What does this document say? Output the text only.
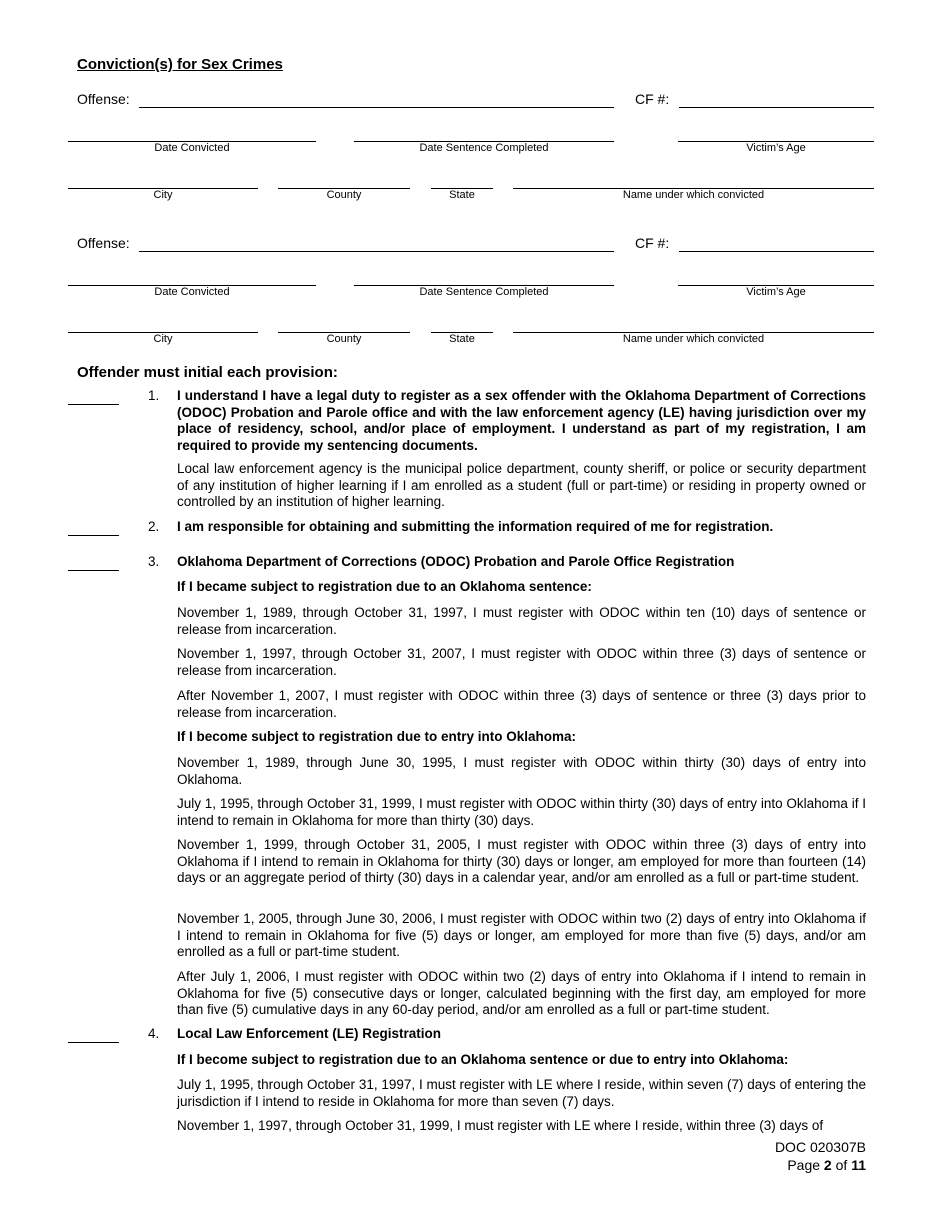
Conviction(s) for Sex Crimes
Offense:	CF #:
Date Convicted	Date Sentence Completed	Victim’s Age
City	County	State	Name under which convicted
Offense:	CF #:
Date Convicted	Date Sentence Completed	Victim’s Age
City	County	State	Name under which convicted
Offender must initial each provision:
1. I understand I have a legal duty to register as a sex offender with the Oklahoma Department of Corrections (ODOC) Probation and Parole office and with the law enforcement agency (LE) having jurisdiction over my place of residency, school, and/or place of employment. I understand as part of my registration, I am required to provide my sentencing documents.
Local law enforcement agency is the municipal police department, county sheriff, or police or security department of any institution of higher learning if I am enrolled as a student (full or part-time) or residing in property owned or controlled by an institution of higher learning.
2. I am responsible for obtaining and submitting the information required of me for registration.
3. Oklahoma Department of Corrections (ODOC) Probation and Parole Office Registration
If I became subject to registration due to an Oklahoma sentence:
November 1, 1989, through October 31, 1997, I must register with ODOC within ten (10) days of sentence or release from incarceration.
November 1, 1997, through October 31, 2007, I must register with ODOC within three (3) days of sentence or release from incarceration.
After November 1, 2007, I must register with ODOC within three (3) days of sentence or three (3) days prior to release from incarceration.
If I become subject to registration due to entry into Oklahoma:
November 1, 1989, through June 30, 1995, I must register with ODOC within thirty (30) days of entry into Oklahoma.
July 1, 1995, through October 31, 1999, I must register with ODOC within thirty (30) days of entry into Oklahoma if I intend to remain in Oklahoma for more than thirty (30) days.
November 1, 1999, through October 31, 2005, I must register with ODOC within three (3) days of entry into Oklahoma if I intend to remain in Oklahoma for thirty (30) days or longer, am employed for more than fourteen (14) days or an aggregate period of thirty (30) days in a calendar year, and/or am enrolled as a full or part-time student.
November 1, 2005, through June 30, 2006, I must register with ODOC within two (2) days of entry into Oklahoma if I intend to remain in Oklahoma for five (5) days or longer, am employed for more than five (5) days, and/or am enrolled as a full or part-time student.
After July 1, 2006, I must register with ODOC within two (2) days of entry into Oklahoma if I intend to remain in Oklahoma for five (5) consecutive days or longer, calculated beginning with the first day, am employed for more than five (5) cumulative days in any 60-day period, and/or am enrolled as a full or part-time student.
4. Local Law Enforcement (LE) Registration
If I become subject to registration due to an Oklahoma sentence or due to entry into Oklahoma:
July 1, 1995, through October 31, 1997, I must register with LE where I reside, within seven (7) days of entering the jurisdiction if I intend to reside in Oklahoma for more than seven (7) days.
November 1, 1997, through October 31, 1999, I must register with LE where I reside, within three (3) days of
DOC 020307B
Page 2 of 11
